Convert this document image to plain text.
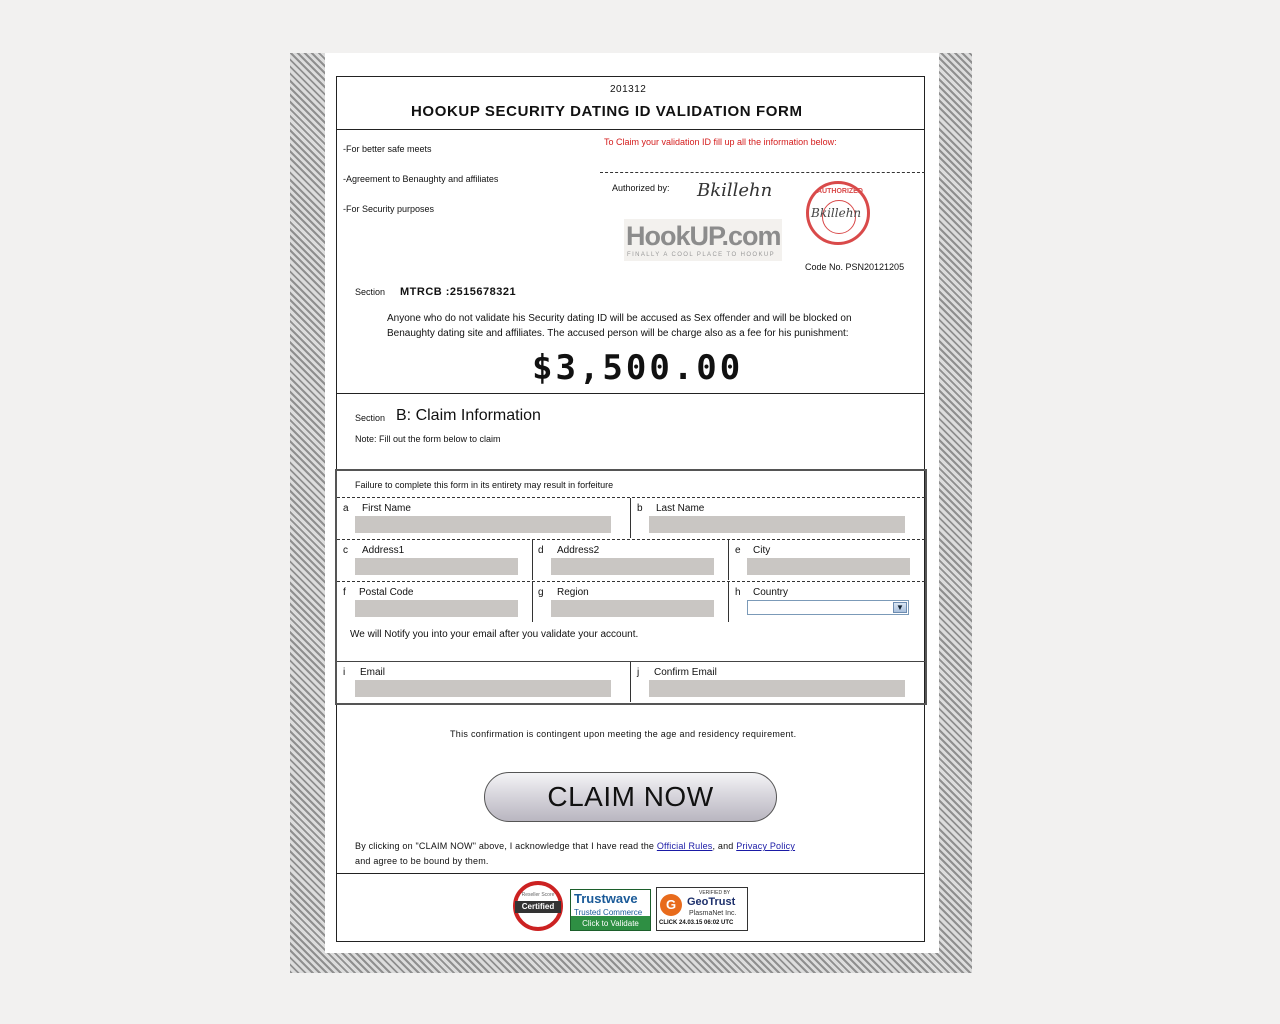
201312
HOOKUP SECURITY DATING ID VALIDATION FORM
-For better safe meets
-Agreement to Benaughty and affiliates
-For Security purposes
To Claim your validation ID fill up all the information below:
Authorized by: Bkillehn
HookUP.com
FINALLY A COOL PLACE TO HOOKUP
AUTHORIZED
Bkillehn
Code No. PSN20121205
Section MTRCB :2515678321
Anyone who do not validate his Security dating ID will be accused as Sex offender and will be blocked on
Benaughty dating site and affiliates. The accused person will be charge also as a fee for his punishment:
$3,500.00
Section B: Claim Information
Note: Fill out the form below to claim
Failure to complete this form in its entirety may result in forfeiture
a First Name	b Last Name
c Address1	d Address2	e City
f Postal Code	g Region	h Country
▼
We will Notify you into your email after you validate your account.
i Email	j Confirm Email
This confirmation is contingent upon meeting the age and residency requirement.
CLAIM NOW
By clicking on "CLAIM NOW" above, I acknowledge that I have read the Official Rules, and Privacy Policy
and agree to be bound by them.
Reseller Score
Certified
Trustwave
Trusted Commerce
Click to Validate
G
VERIFIED BY
GeoTrust
PlasmaNet Inc.
CLICK 24.03.15 06:02 UTC
